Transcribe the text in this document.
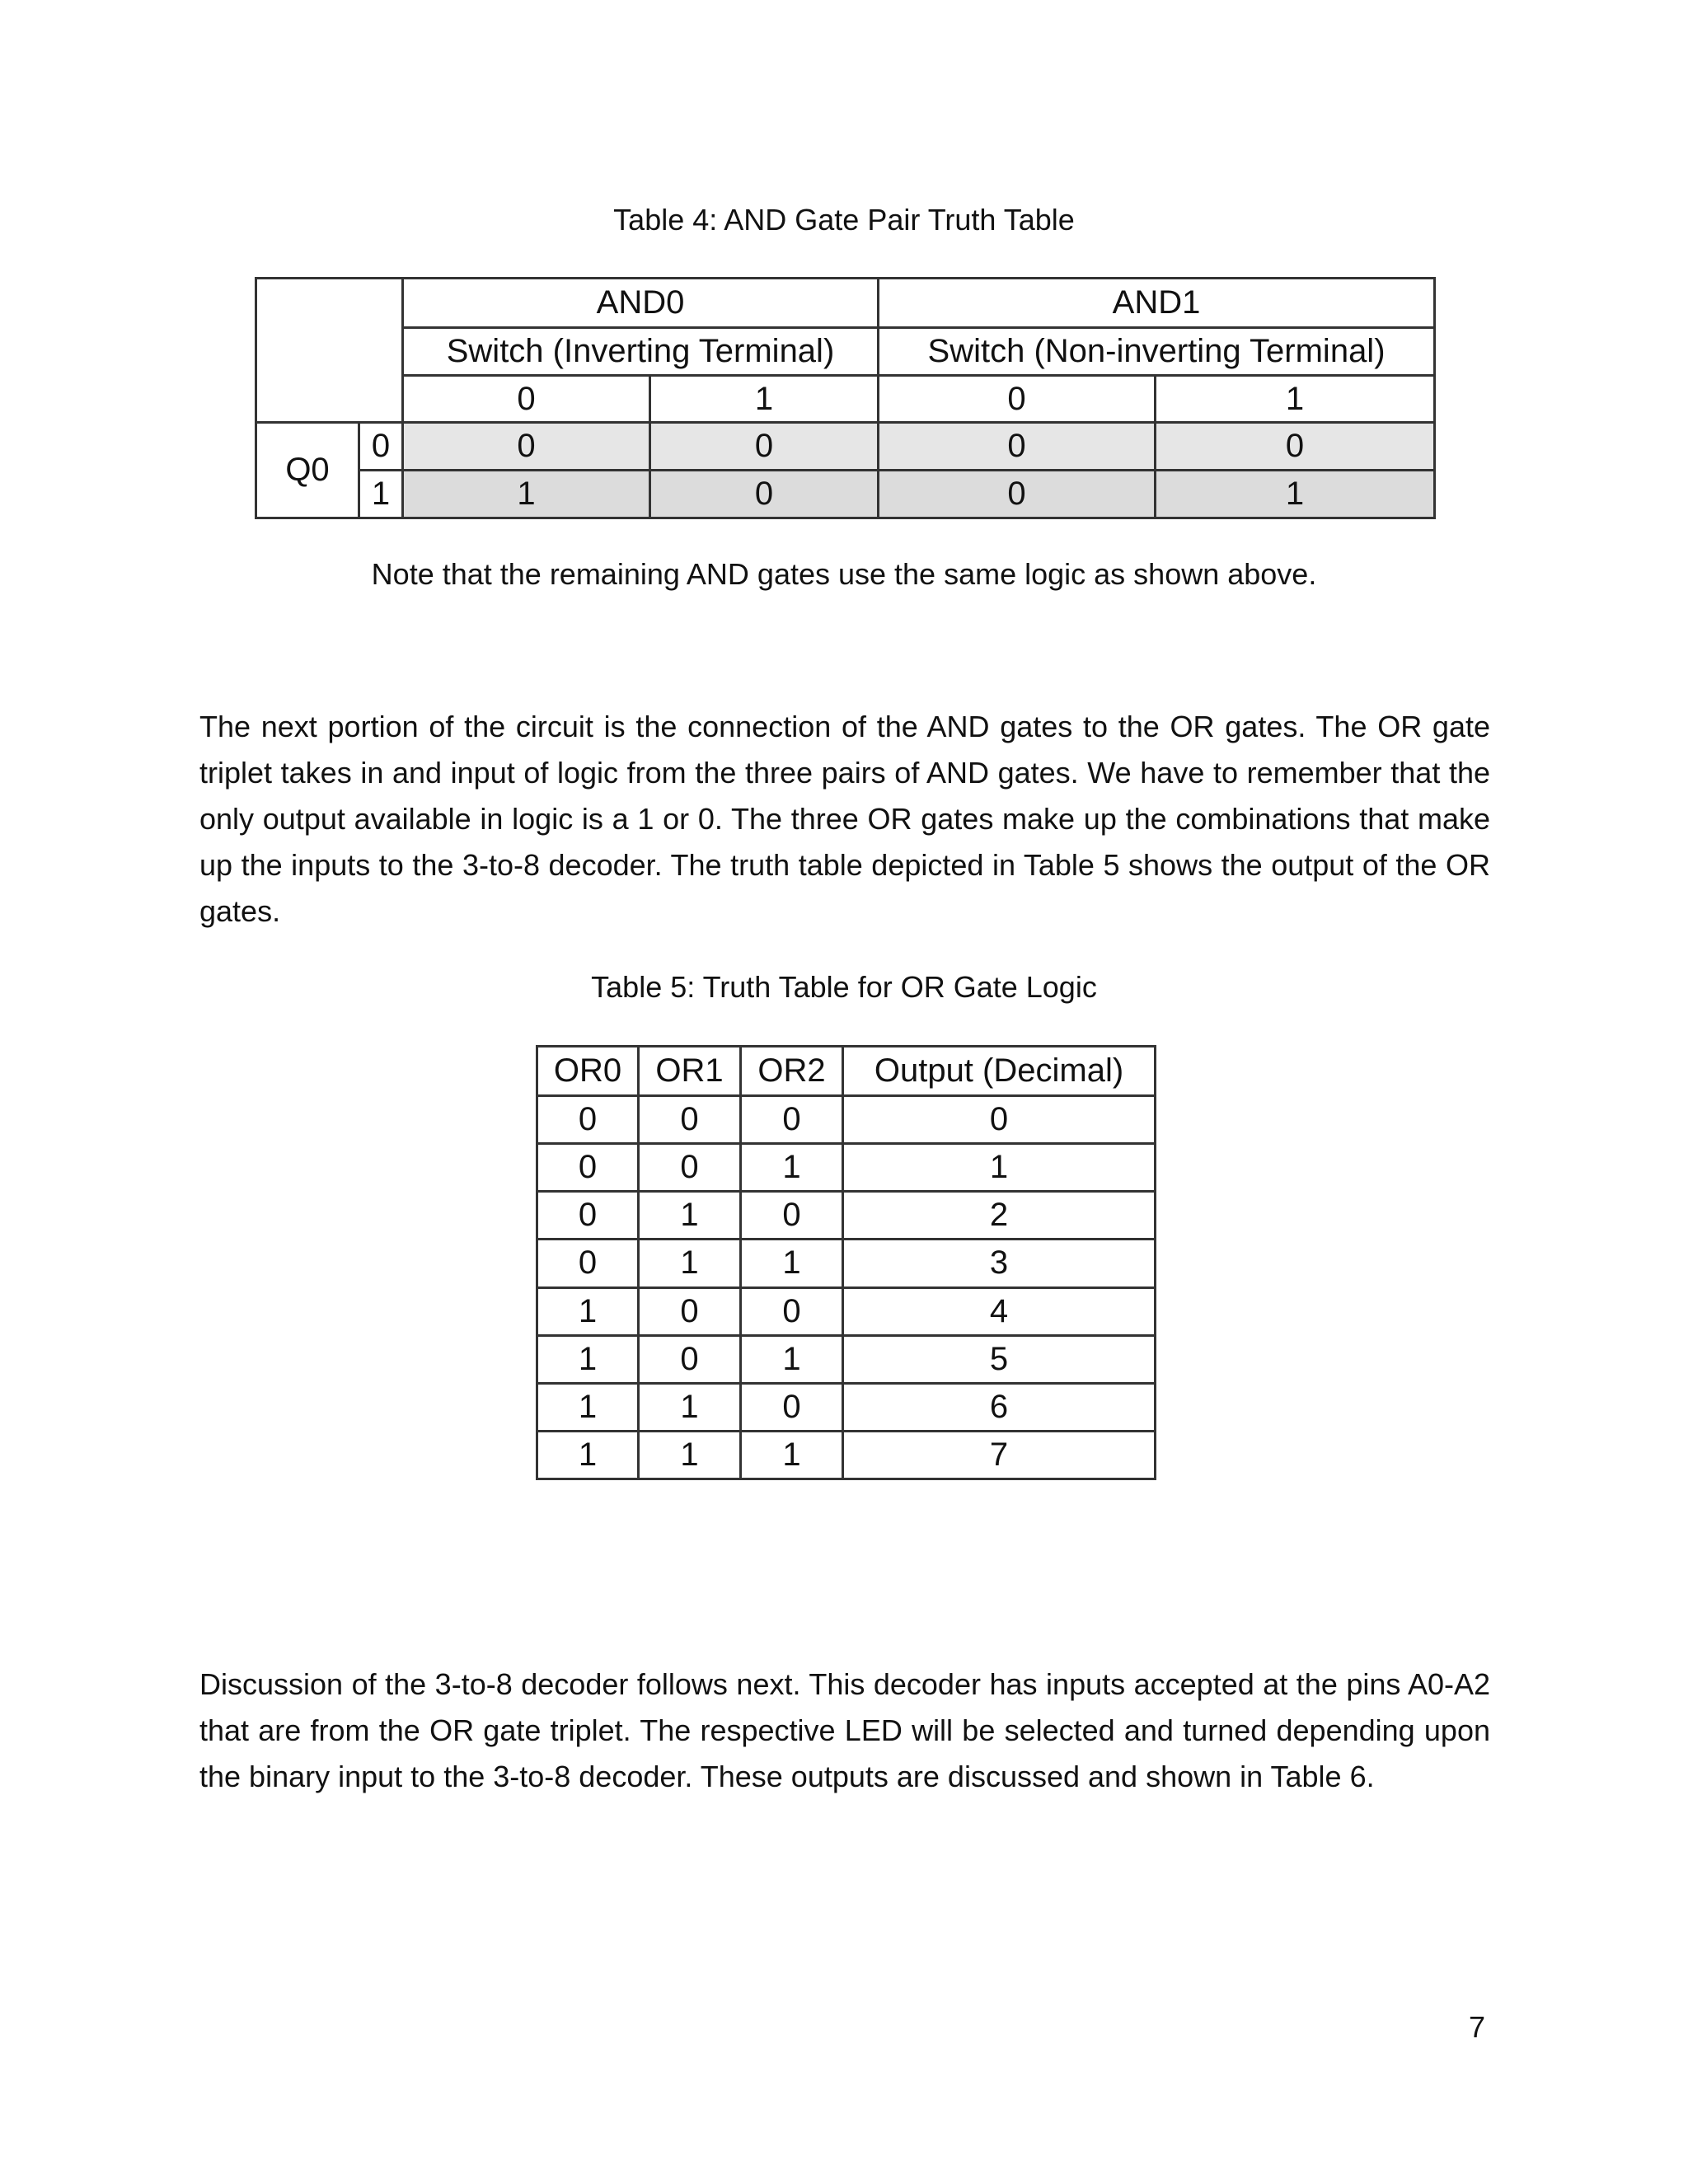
Table 4: AND Gate Pair Truth Table
		AND0		AND1	
		Switch (Inverting Terminal)		Switch (Non-inverting Terminal)	
		0	1	0	1
Q0	0	0	0	0	0
	1	1	0	0	1
Note that the remaining AND gates use the same logic as shown above.

The next portion of the circuit is the connection of the AND gates to the OR gates. The OR gate triplet takes in and input of logic from the three pairs of AND gates. We have to remember that the only output available in logic is a 1 or 0. The three OR gates make up the combinations that make up the inputs to the 3-to-8 decoder. The truth table depicted in Table 5 shows the output of the OR gates.

Table 5: Truth Table for OR Gate Logic
OR0	OR1	OR2	Output (Decimal)
0	0	0	0
0	0	1	1
0	1	0	2
0	1	1	3
1	0	0	4
1	0	1	5
1	1	0	6
1	1	1	7

Discussion of the 3-to-8 decoder follows next. This decoder has inputs accepted at the pins A0-A2 that are from the OR gate triplet. The respective LED will be selected and turned depending upon the binary input to the 3-to-8 decoder. These outputs are discussed and shown in Table 6.

7
